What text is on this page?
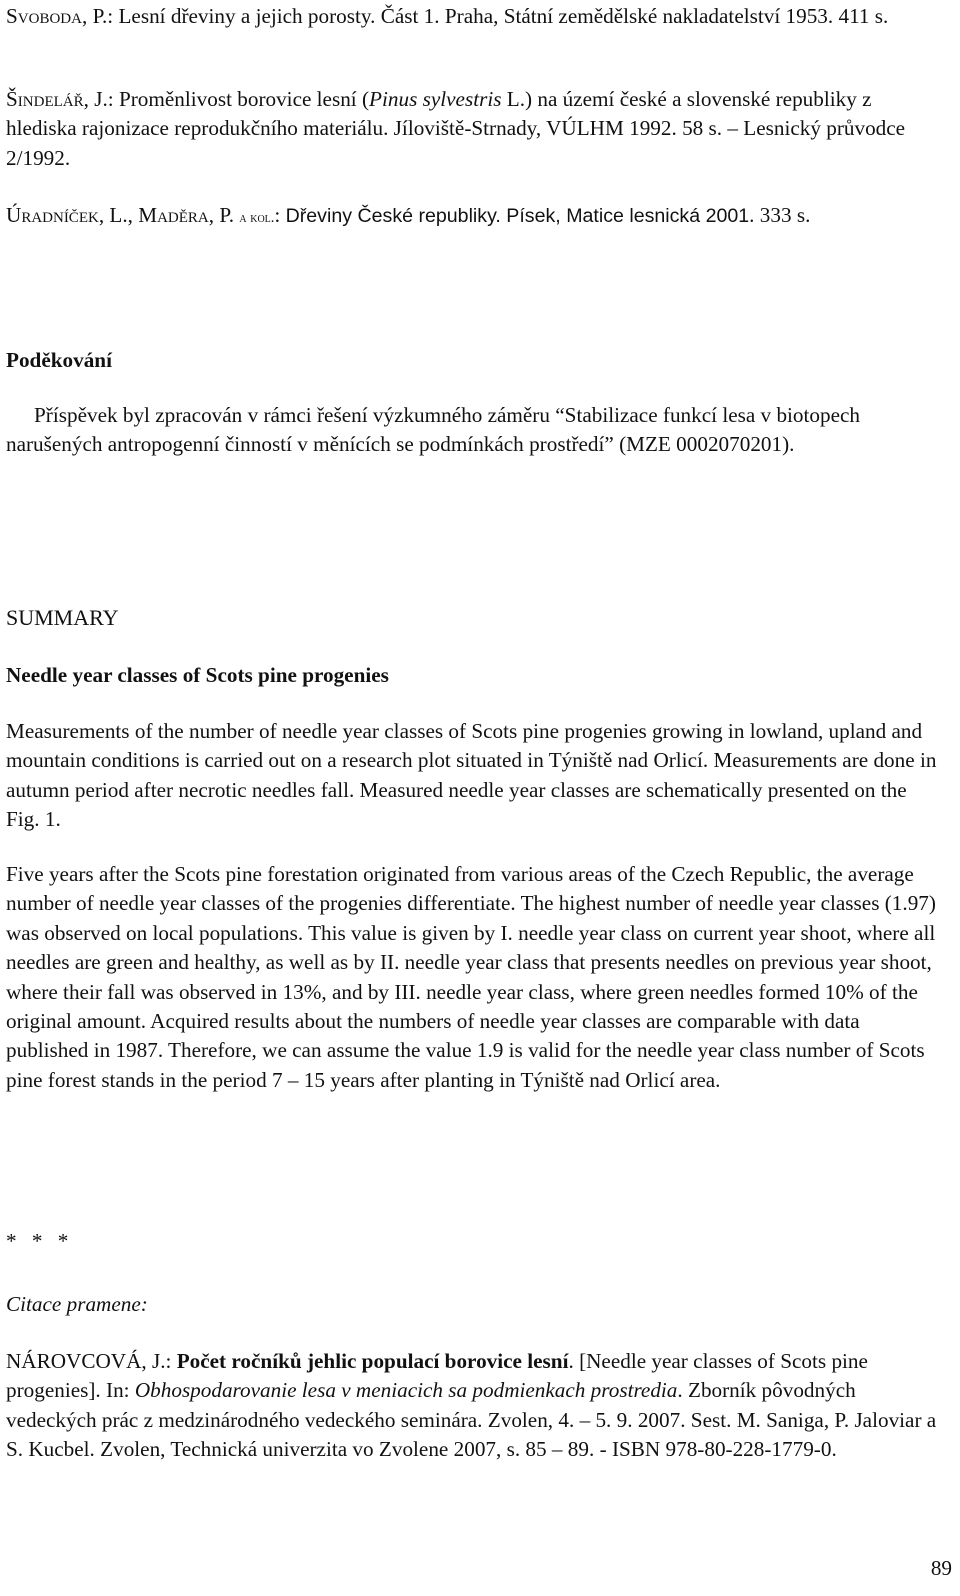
Svoboda, P.: Lesní dřeviny a jejich porosty. Část 1. Praha, Státní zemědělské nakladatelství 1953. 411 s.
Šindelář, J.: Proměnlivost borovice lesní (Pinus sylvestris L.) na území české a slovenské republiky z hlediska rajonizace reprodukčního materiálu. Jíloviště-Strnady, VÚLHM 1992. 58 s. – Lesnický průvodce 2/1992.
Úradníček, L., Maděra, P. a kol.: Dřeviny České republiky. Písek, Matice lesnická 2001. 333 s.
Poděkování
Příspěvek byl zpracován v rámci řešení výzkumného záměru “Stabilizace funkcí lesa v biotopech narušených antropogenní činností v měnících se podmínkách prostředí” (MZE 0002070201).
SUMMARY
Needle year classes of Scots pine progenies
Measurements of the number of needle year classes of Scots pine progenies growing in lowland, upland and mountain conditions is carried out on a research plot situated in Týniště nad Orlicí. Measurements are done in autumn period after necrotic needles fall. Measured needle year classes are schematically presented on the Fig. 1.
Five years after the Scots pine forestation originated from various areas of the Czech Republic, the average number of needle year classes of the progenies differentiate. The highest number of needle year classes (1.97) was observed on local populations. This value is given by I. needle year class on current year shoot, where all needles are green and healthy, as well as by II. needle year class that presents needles on previous year shoot, where their fall was observed in 13%, and by III. needle year class, where green needles formed 10% of the original amount. Acquired results about the numbers of needle year classes are comparable with data published in 1987. Therefore, we can assume the value 1.9 is valid for the needle year class number of Scots pine forest stands in the period 7 – 15 years after planting in Týniště nad Orlicí area.
* * *
Citace pramene:
NÁROVCOVÁ, J.: Počet ročníků jehlic populací borovice lesní. [Needle year classes of Scots pine progenies]. In: Obhospodarovanie lesa v meniacich sa podmienkach prostredia. Zborník pôvodných vedeckých prác z medzinárodného vedeckého seminára. Zvolen, 4. – 5. 9. 2007. Sest. M. Saniga, P. Jaloviar a S. Kucbel. Zvolen, Technická univerzita vo Zvolene 2007, s. 85 – 89. - ISBN 978-80-228-1779-0.
89
